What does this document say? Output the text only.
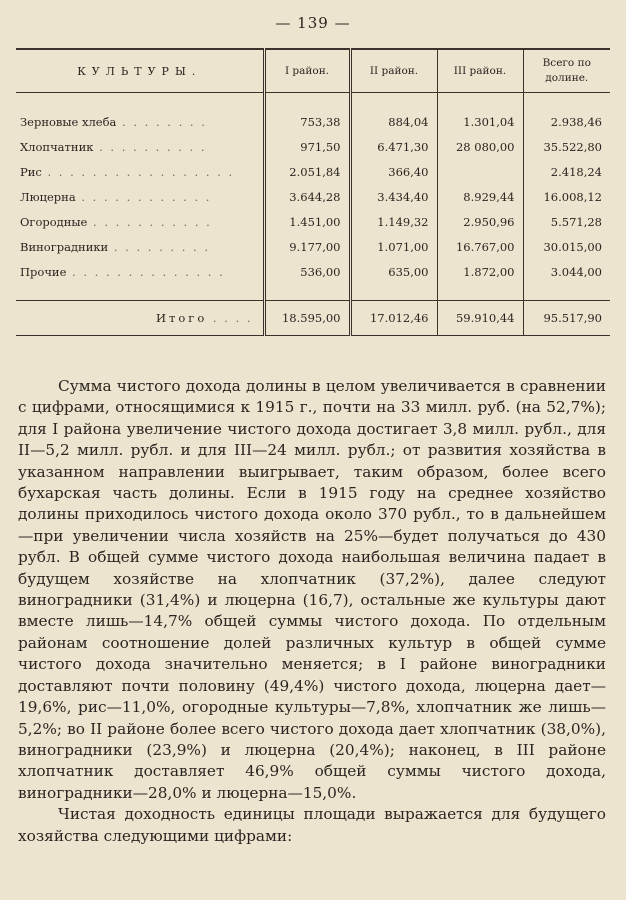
— 139 —
КУЛЬТУРЫ.	I район.	II район.	III район.	Всего по долине.

Зерновые хлеба . . . . . . . .	753,38	884,04	1.301,04	2.938,46
Хлопчатник . . . . . . . . . .	971,50	6.471,30	28 080,00	35.522,80
Рис . . . . . . . . . . . . . . . . .	2.051,84	366,40		2.418,24
Люцерна . . . . . . . . . . . .	3.644,28	3.434,40	8.929,44	16.008,12
Огородные . . . . . . . . . . .	1.451,00	1.149,32	2.950,96	5.571,28
Виноградники . . . . . . . . .	9.177,00	1.071,00	16.767,00	30.015,00
Прочие . . . . . . . . . . . . . .	536,00	635,00	1.872,00	3.044,00

Итого . . . .	18.595,00	17.012,46	59.910,44	95.517,90

Сумма чистого дохода долины в целом увеличивается в сравнении с цифрами, относящимися к 1915 г., почти на 33 милл. руб. (на 52,7%); для I района увеличение чистого дохода достигает 3,8 милл. рубл., для II—5,2 милл. рубл. и для III—24 милл. рубл.; от развития хозяйства в указанном направлении выигрывает, таким образом, более всего бухарская часть долины. Если в 1915 году на среднее хозяйство долины приходилось чистого дохода около 370 рубл., то в дальнейшем—при увеличении числа хозяйств на 25%—будет получаться до 430 рубл. В общей сумме чистого дохода наибольшая величина падает в будущем хозяйстве на хлопчатник (37,2%), далее следуют виноградники (31,4%) и люцерна (16,7), остальные же культуры дают вместе лишь—14,7% общей суммы чистого дохода. По отдельным районам соотношение долей различных культур в общей сумме чистого дохода значительно меняется; в I районе виноградники доставляют почти половину (49,4%) чистого дохода, люцерна дает—19,6%, рис—11,0%, огородные культуры—7,8%, хлопчатник же лишь—5,2%; во II районе более всего чистого дохода дает хлопчатник (38,0%), виноградники (23,9%) и люцерна (20,4%); наконец, в III районе хлопчатник доставляет 46,9% общей суммы чистого дохода, виноградники—28,0% и люцерна—15,0%.

Чистая доходность единицы площади выражается для будущего хозяйства следующими цифрами:
